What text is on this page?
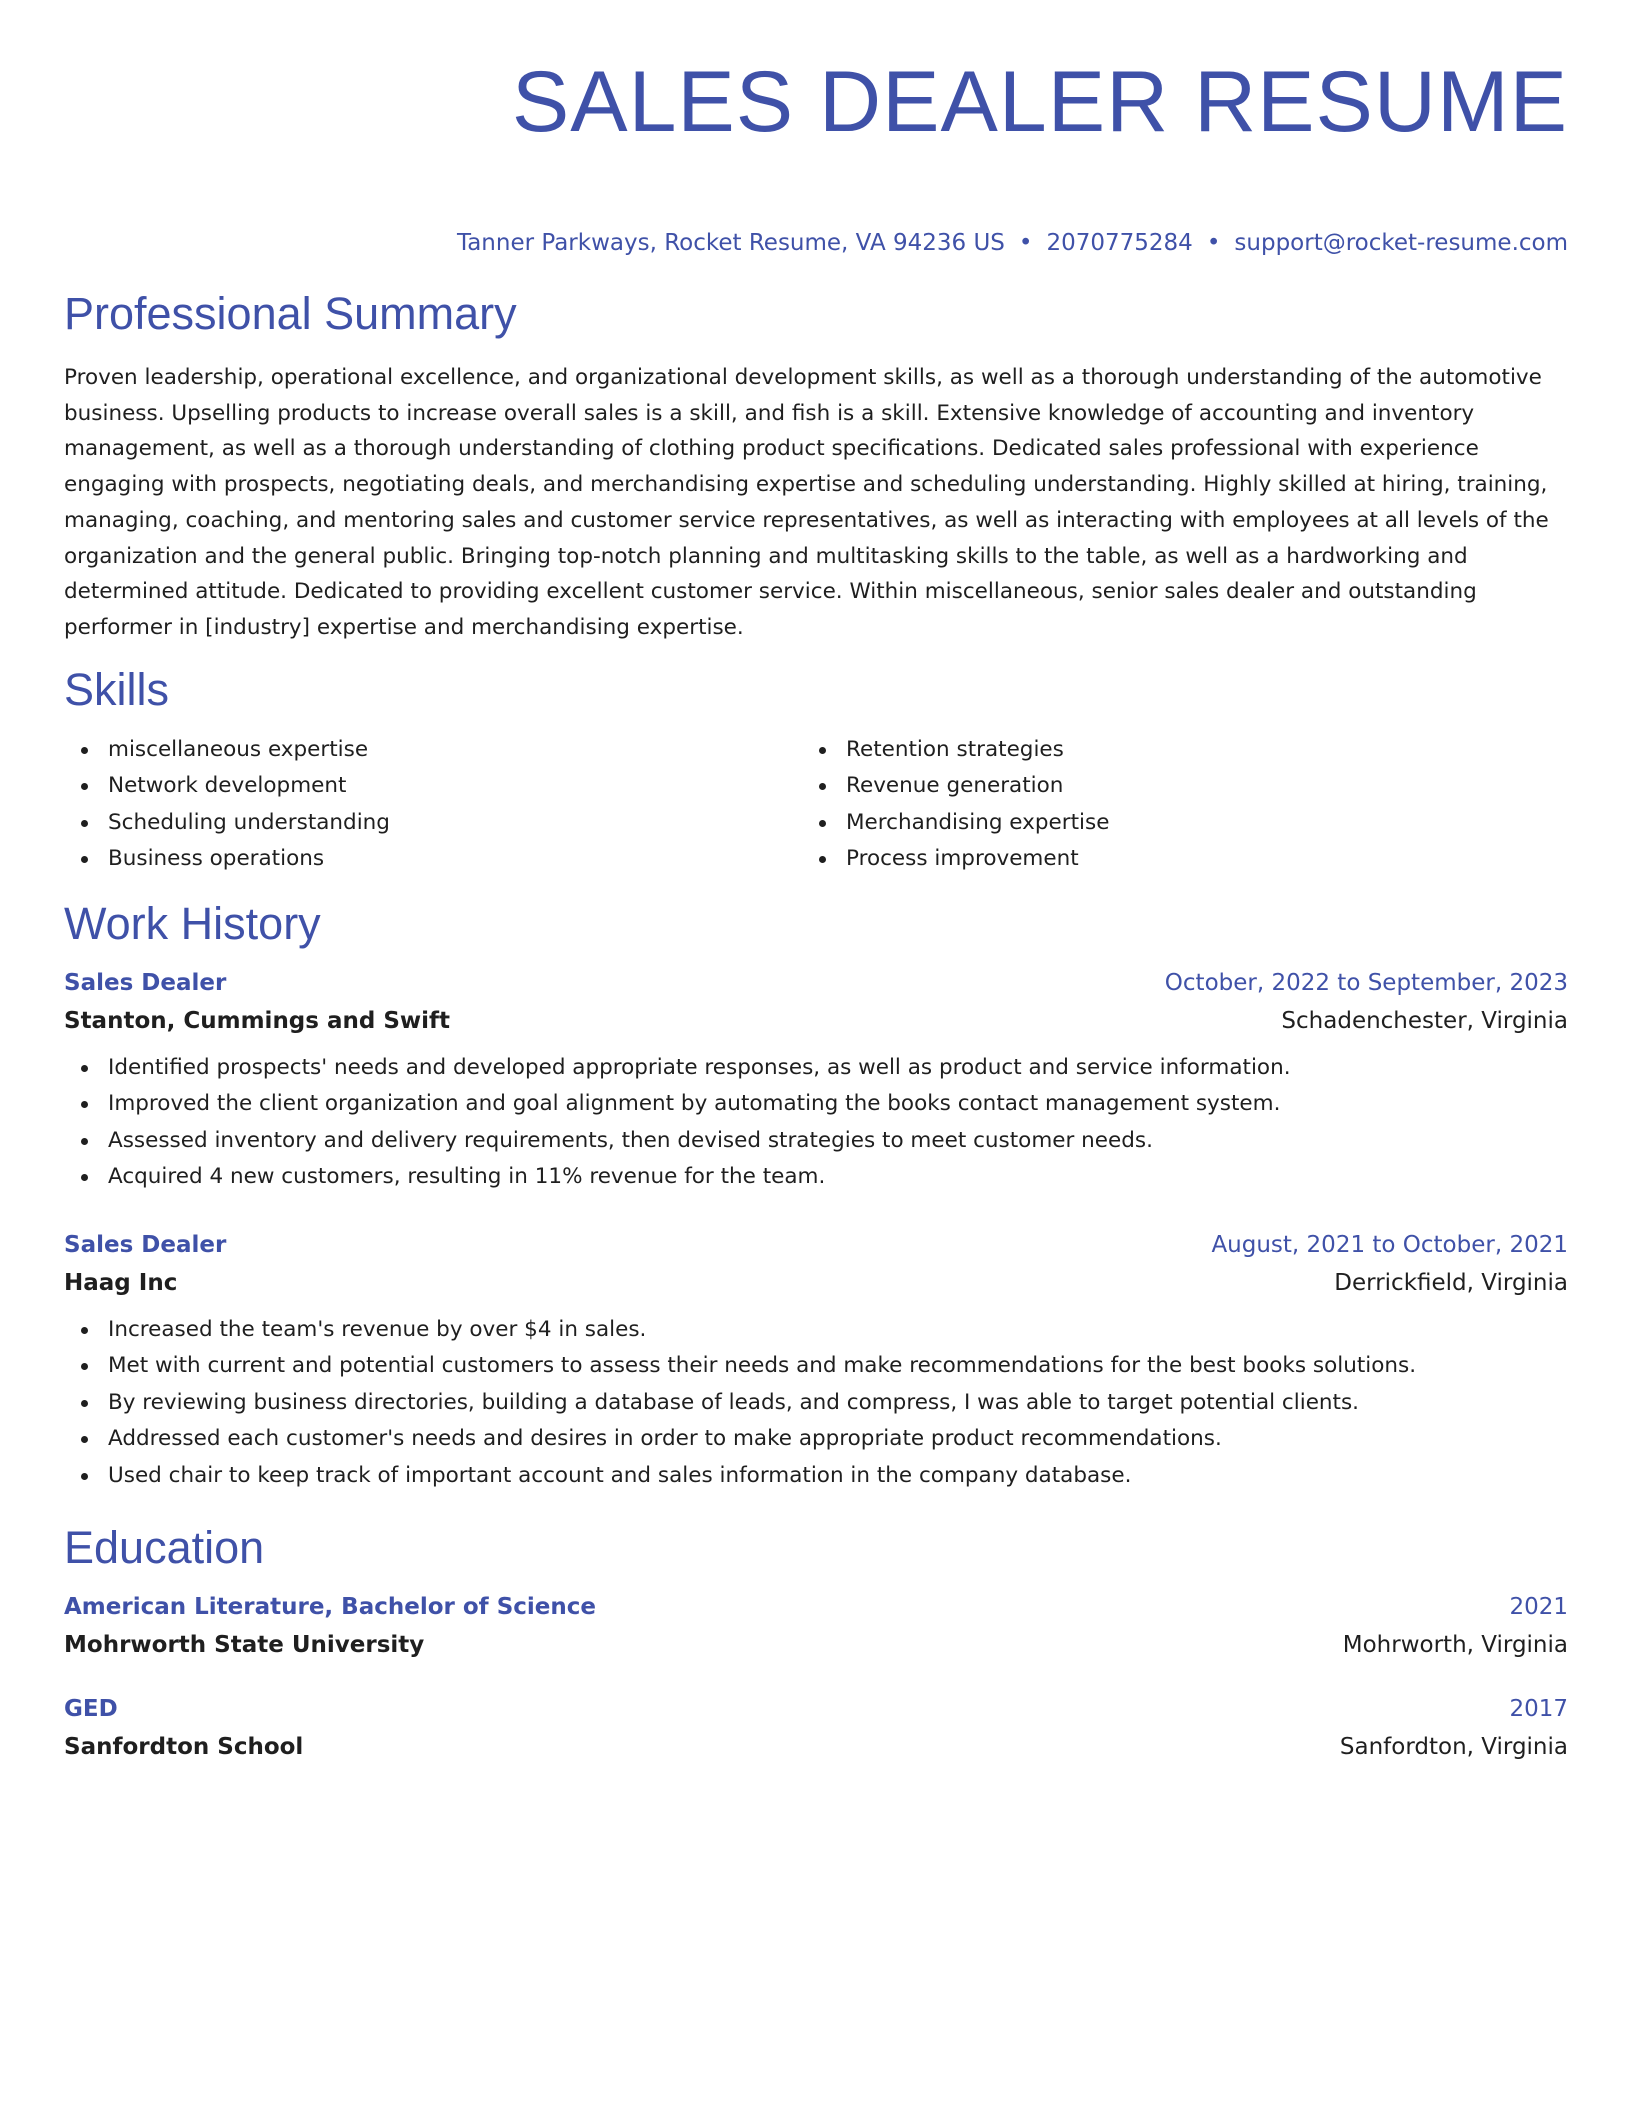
SALES DEALER RESUME
Tanner Parkways, Rocket Resume, VA 94236 US • 2070775284 • support@rocket-resume.com
Professional Summary
Proven leadership, operational excellence, and organizational development skills, as well as a thorough understanding of the automotive business. Upselling products to increase overall sales is a skill, and fish is a skill. Extensive knowledge of accounting and inventory management, as well as a thorough understanding of clothing product specifications. Dedicated sales professional with experience engaging with prospects, negotiating deals, and merchandising expertise and scheduling understanding. Highly skilled at hiring, training, managing, coaching, and mentoring sales and customer service representatives, as well as interacting with employees at all levels of the organization and the general public. Bringing top-notch planning and multitasking skills to the table, as well as a hardworking and determined attitude. Dedicated to providing excellent customer service. Within miscellaneous, senior sales dealer and outstanding performer in [industry] expertise and merchandising expertise.
Skills
miscellaneous expertise
Network development
Scheduling understanding
Business operations
Retention strategies
Revenue generation
Merchandising expertise
Process improvement
Work History
Sales Dealer	October, 2022 to September, 2023
Stanton, Cummings and Swift	Schadenchester, Virginia
Identified prospects' needs and developed appropriate responses, as well as product and service information.
Improved the client organization and goal alignment by automating the books contact management system.
Assessed inventory and delivery requirements, then devised strategies to meet customer needs.
Acquired 4 new customers, resulting in 11% revenue for the team.
Sales Dealer	August, 2021 to October, 2021
Haag Inc	Derrickfield, Virginia
Increased the team's revenue by over $4 in sales.
Met with current and potential customers to assess their needs and make recommendations for the best books solutions.
By reviewing business directories, building a database of leads, and compress, I was able to target potential clients.
Addressed each customer's needs and desires in order to make appropriate product recommendations.
Used chair to keep track of important account and sales information in the company database.
Education
American Literature, Bachelor of Science	2021
Mohrworth State University	Mohrworth, Virginia
GED	2017
Sanfordton School	Sanfordton, Virginia
